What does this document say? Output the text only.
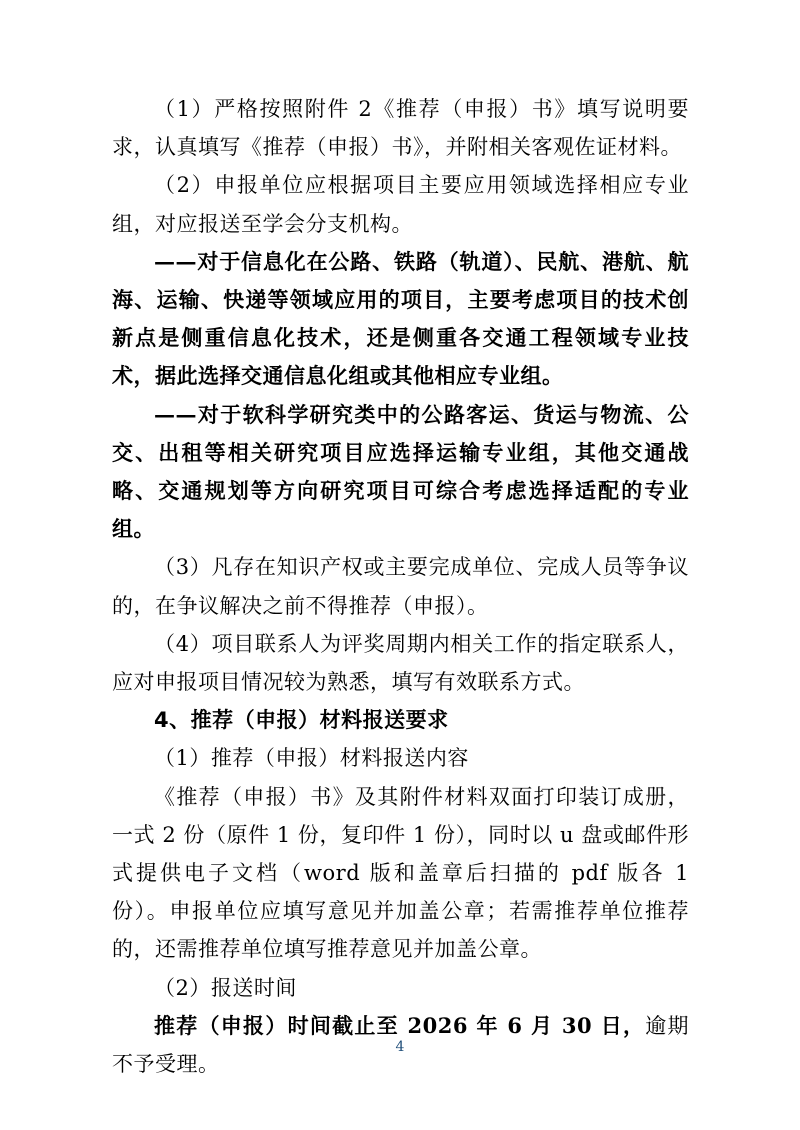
（1）严格按照附件 2《推荐（申报）书》填写说明要求，认真填写《推荐（申报）书》，并附相关客观佐证材料。

（2）申报单位应根据项目主要应用领域选择相应专业组，对应报送至学会分支机构。

——对于信息化在公路、铁路（轨道）、民航、港航、航海、运输、快递等领域应用的项目，主要考虑项目的技术创新点是侧重信息化技术，还是侧重各交通工程领域专业技术，据此选择交通信息化组或其他相应专业组。

——对于软科学研究类中的公路客运、货运与物流、公交、出租等相关研究项目应选择运输专业组，其他交通战略、交通规划等方向研究项目可综合考虑选择适配的专业组。

（3）凡存在知识产权或主要完成单位、完成人员等争议的，在争议解决之前不得推荐（申报）。

（4）项目联系人为评奖周期内相关工作的指定联系人，应对申报项目情况较为熟悉，填写有效联系方式。

4、推荐（申报）材料报送要求

（1）推荐（申报）材料报送内容

《推荐（申报）书》及其附件材料双面打印装订成册，一式 2 份（原件 1 份，复印件 1 份），同时以 u 盘或邮件形式提供电子文档（word 版和盖章后扫描的 pdf 版各 1 份）。申报单位应填写意见并加盖公章；若需推荐单位推荐的，还需推荐单位填写推荐意见并加盖公章。

（2）报送时间

推荐（申报）时间截止至 2026 年 6 月 30 日，逾期不予受理。

4
